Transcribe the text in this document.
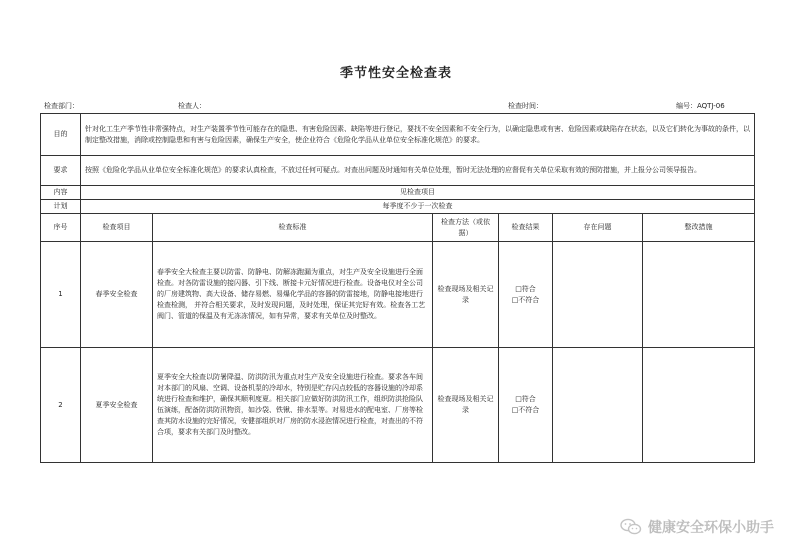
季节性安全检查表
检查部门：	检查人：	检查时间：	编号：AQTJ-06
目的	针对化工生产季节性非常强特点，对生产装置季节性可能存在的隐患、有害危险因素、缺陷等进行登记，要找不安全因素和不安全行为，以确定隐患或有害、危险因素或缺陷存在状态，以及它们转化为事故的条件，以制定整改措施，消除或控制隐患和有害与危险因素，确保生产安全，使企业符合《危险化学品从业单位安全标准化规范》的要求。					
要求	按照《危险化学品从业单位安全标准化规范》的要求认真检查，不放过任何可疑点。对查出问题及时通知有关单位处理，暂时无法处理的应督促有关单位采取有效的预防措施，并上报分公司领导报告。					
内容	见检查项目					
计划	每季度不少于一次检查					
序号	检查项目	检查标准	检查方法（或依据）	检查结果	存在问题	整改措施
1	春季安全检查	春季安全大检查主要以防雷、防静电、防解冻跑漏为重点，对生产及安全设施进行全面检查。对各防雷设施的接闪器、引下线、断接卡元好情况进行检查。设备电仪对全公司的厂房建筑物、高大设备、储存易燃、易爆化学品的容器的防雷接地，防静电接地进行检查检测， 并符合相关要求，及时发现问题，及时处理，保证其完好有效。检查各工艺阀门、管道的保温及有无冻冻情况，如有异常，要求有关单位及时整改。	检查现场及相关记录	□符合
□不符合		

2	夏季安全检查	夏季安全大检查以防暑降温、防洪防汛为重点对生产及安全设施进行检查。要求各车间对本部门的风扇、空调、设备机泵的冷却水，特别是贮存闪点较低的容器设施的冷却系统进行检查和维护，确保其顺利度夏。相关部门应做好防洪防汛工作，组织防洪抢险队伍演练，配备防洪防汛物资，如沙袋、铁锹、排水泵等。对易进水的配电室、厂房等检查其防水设施的完好情况，安健部组织对厂房的防水浸泡情况进行检查，对查出的不符合项，要求有关部门及时整改。	检查现场及相关记录	□符合
□不符合		

健康安全环保小助手
